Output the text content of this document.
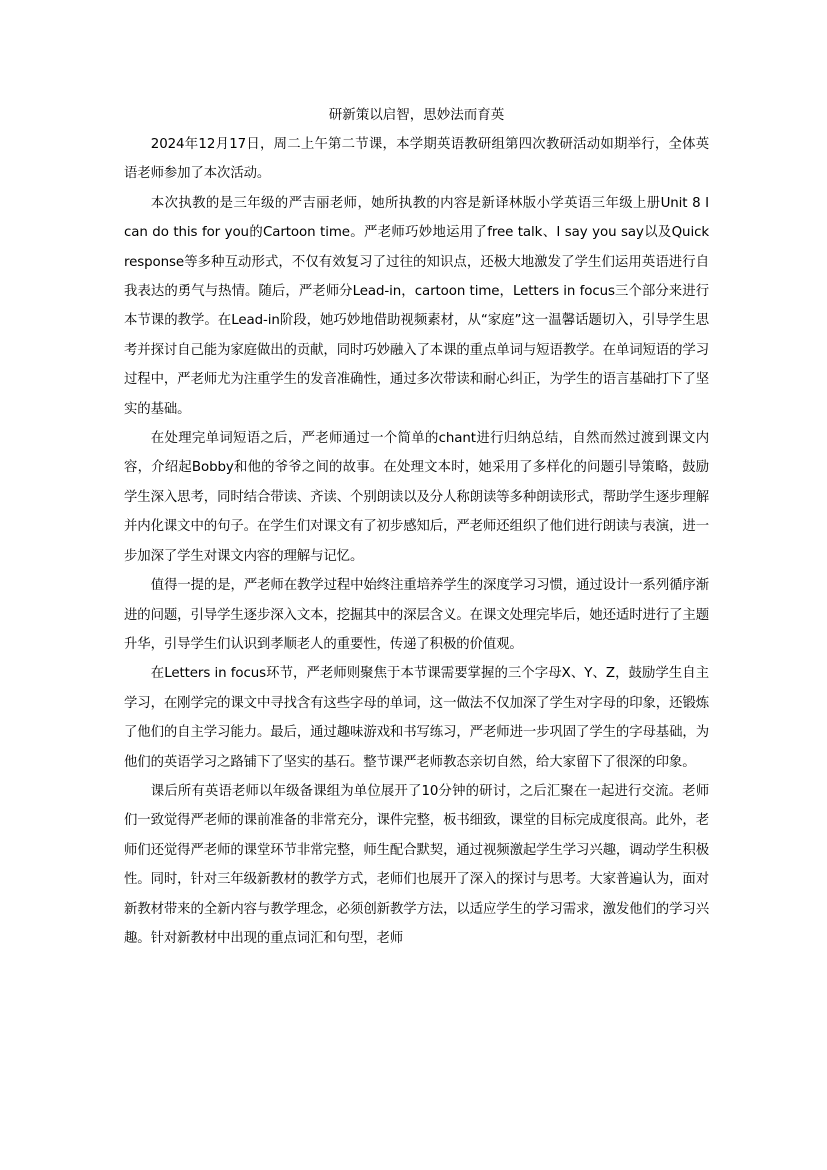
研新策以启智，思妙法而育英

2024年12月17日，周二上午第二节课，本学期英语教研组第四次教研活动如期举行，全体英语老师参加了本次活动。

本次执教的是三年级的严吉丽老师，她所执教的内容是新译林版小学英语三年级上册Unit 8 I can do this for you的Cartoon time。严老师巧妙地运用了free talk、I say you say以及Quick response等多种互动形式，不仅有效复习了过往的知识点，还极大地激发了学生们运用英语进行自我表达的勇气与热情。随后，严老师分Lead-in，cartoon time，Letters in focus三个部分来进行本节课的教学。在Lead-in阶段，她巧妙地借助视频素材，从“家庭”这一温馨话题切入，引导学生思考并探讨自己能为家庭做出的贡献，同时巧妙融入了本课的重点单词与短语教学。在单词短语的学习过程中，严老师尤为注重学生的发音准确性，通过多次带读和耐心纠正，为学生的语言基础打下了坚实的基础。

在处理完单词短语之后，严老师通过一个简单的chant进行归纳总结，自然而然过渡到课文内容，介绍起Bobby和他的爷爷之间的故事。在处理文本时，她采用了多样化的问题引导策略，鼓励学生深入思考，同时结合带读、齐读、个别朗读以及分人称朗读等多种朗读形式，帮助学生逐步理解并内化课文中的句子。在学生们对课文有了初步感知后，严老师还组织了他们进行朗读与表演，进一步加深了学生对课文内容的理解与记忆。

值得一提的是，严老师在教学过程中始终注重培养学生的深度学习习惯，通过设计一系列循序渐进的问题，引导学生逐步深入文本，挖掘其中的深层含义。在课文处理完毕后，她还适时进行了主题升华，引导学生们认识到孝顺老人的重要性，传递了积极的价值观。

在Letters in focus环节，严老师则聚焦于本节课需要掌握的三个字母X、Y、Z，鼓励学生自主学习，在刚学完的课文中寻找含有这些字母的单词，这一做法不仅加深了学生对字母的印象，还锻炼了他们的自主学习能力。最后，通过趣味游戏和书写练习，严老师进一步巩固了学生的字母基础，为他们的英语学习之路铺下了坚实的基石。整节课严老师教态亲切自然，给大家留下了很深的印象。

课后所有英语老师以年级备课组为单位展开了10分钟的研讨，之后汇聚在一起进行交流。老师们一致觉得严老师的课前准备的非常充分，课件完整，板书细致，课堂的目标完成度很高。此外，老师们还觉得严老师的课堂环节非常完整，师生配合默契，通过视频激起学生学习兴趣，调动学生积极性。同时，针对三年级新教材的教学方式，老师们也展开了深入的探讨与思考。大家普遍认为，面对新教材带来的全新内容与教学理念，必须创新教学方法，以适应学生的学习需求，激发他们的学习兴趣。针对新教材中出现的重点词汇和句型，老师
